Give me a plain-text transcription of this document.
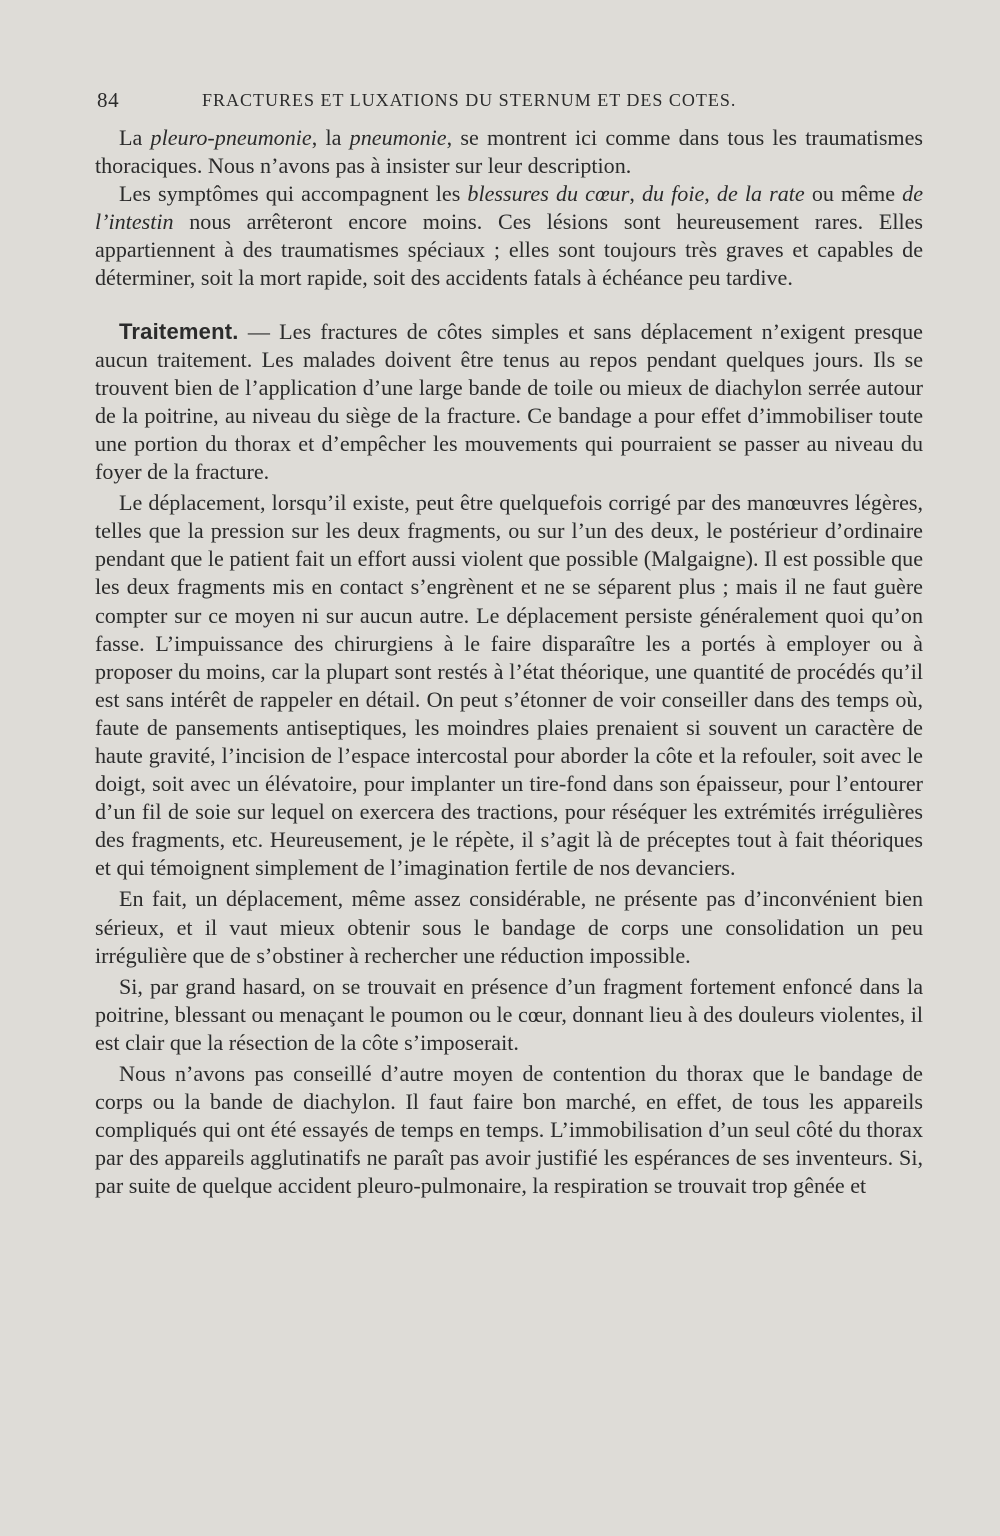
84	FRACTURES ET LUXATIONS DU STERNUM ET DES COTES.

La pleuro-pneumonie, la pneumonie, se montrent ici comme dans tous les traumatismes thoraciques. Nous n’avons pas à insister sur leur description.

Les symptômes qui accompagnent les blessures du cœur, du foie, de la rate ou même de l’intestin nous arrêteront encore moins. Ces lésions sont heureusement rares. Elles appartiennent à des traumatismes spéciaux ; elles sont toujours très graves et capables de déterminer, soit la mort rapide, soit des accidents fatals à échéance peu tardive.

Traitement. — Les fractures de côtes simples et sans déplacement n’exigent presque aucun traitement. Les malades doivent être tenus au repos pendant quelques jours. Ils se trouvent bien de l’application d’une large bande de toile ou mieux de diachylon serrée autour de la poitrine, au niveau du siège de la fracture. Ce bandage a pour effet d’immobiliser toute une portion du thorax et d’empêcher les mouvements qui pourraient se passer au niveau du foyer de la fracture.

Le déplacement, lorsqu’il existe, peut être quelquefois corrigé par des manœuvres légères, telles que la pression sur les deux fragments, ou sur l’un des deux, le postérieur d’ordinaire pendant que le patient fait un effort aussi violent que possible (Malgaigne). Il est possible que les deux fragments mis en contact s’engrènent et ne se séparent plus ; mais il ne faut guère compter sur ce moyen ni sur aucun autre. Le déplacement persiste généralement quoi qu’on fasse. L’impuissance des chirurgiens à le faire disparaître les a portés à employer ou à proposer du moins, car la plupart sont restés à l’état théorique, une quantité de procédés qu’il est sans intérêt de rappeler en détail. On peut s’étonner de voir conseiller dans des temps où, faute de pansements antiseptiques, les moindres plaies prenaient si souvent un caractère de haute gravité, l’incision de l’espace intercostal pour aborder la côte et la refouler, soit avec le doigt, soit avec un élévatoire, pour implanter un tire-fond dans son épaisseur, pour l’entourer d’un fil de soie sur lequel on exercera des tractions, pour réséquer les extrémités irrégulières des fragments, etc. Heureusement, je le répète, il s’agit là de préceptes tout à fait théoriques et qui témoignent simplement de l’imagination fertile de nos devanciers.

En fait, un déplacement, même assez considérable, ne présente pas d’inconvénient bien sérieux, et il vaut mieux obtenir sous le bandage de corps une consolidation un peu irrégulière que de s’obstiner à rechercher une réduction impossible.

Si, par grand hasard, on se trouvait en présence d’un fragment fortement enfoncé dans la poitrine, blessant ou menaçant le poumon ou le cœur, donnant lieu à des douleurs violentes, il est clair que la résection de la côte s’imposerait.

Nous n’avons pas conseillé d’autre moyen de contention du thorax que le bandage de corps ou la bande de diachylon. Il faut faire bon marché, en effet, de tous les appareils compliqués qui ont été essayés de temps en temps. L’immobilisation d’un seul côté du thorax par des appareils agglutinatifs ne paraît pas avoir justifié les espérances de ses inventeurs. Si, par suite de quelque accident pleuro-pulmonaire, la respiration se trouvait trop gênée et
